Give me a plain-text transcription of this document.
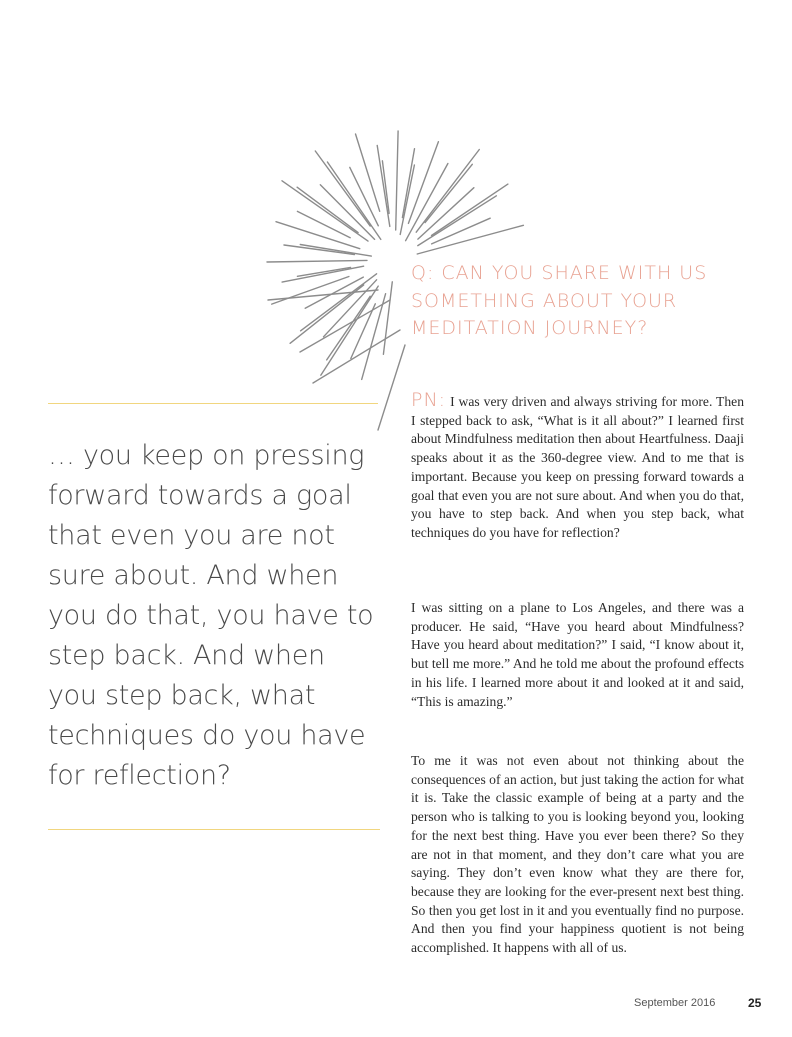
Q: CAN YOU SHARE WITH US SOMETHING ABOUT YOUR MEDITATION JOURNEY?

… you keep on pressing forward towards a goal that even you are not sure about. And when you do that, you have to step back. And when you step back, what techniques do you have for reflection?

PN: I was very driven and always striving for more. Then I stepped back to ask, “What is it all about?” I learned first about Mindfulness meditation then about Heartfulness. Daaji speaks about it as the 360-degree view. And to me that is important. Because you keep on pressing forward towards a goal that even you are not sure about. And when you do that, you have to step back. And when you step back, what techniques do you have for reflection?

I was sitting on a plane to Los Angeles, and there was a producer. He said, “Have you heard about Mindfulness? Have you heard about meditation?” I said, “I know about it, but tell me more.” And he told me about the profound effects in his life. I learned more about it and looked at it and said, “This is amazing.”

To me it was not even about not thinking about the consequences of an action, but just taking the action for what it is. Take the classic example of being at a party and the person who is talking to you is looking beyond you, looking for the next best thing. Have you ever been there? So they are not in that moment, and they don’t care what you are saying. They don’t even know what they are there for, because they are looking for the ever-present next best thing. So then you get lost in it and you eventually find no purpose. And then you find your happiness quotient is not being accomplished. It happens with all of us.

September 2016	25
